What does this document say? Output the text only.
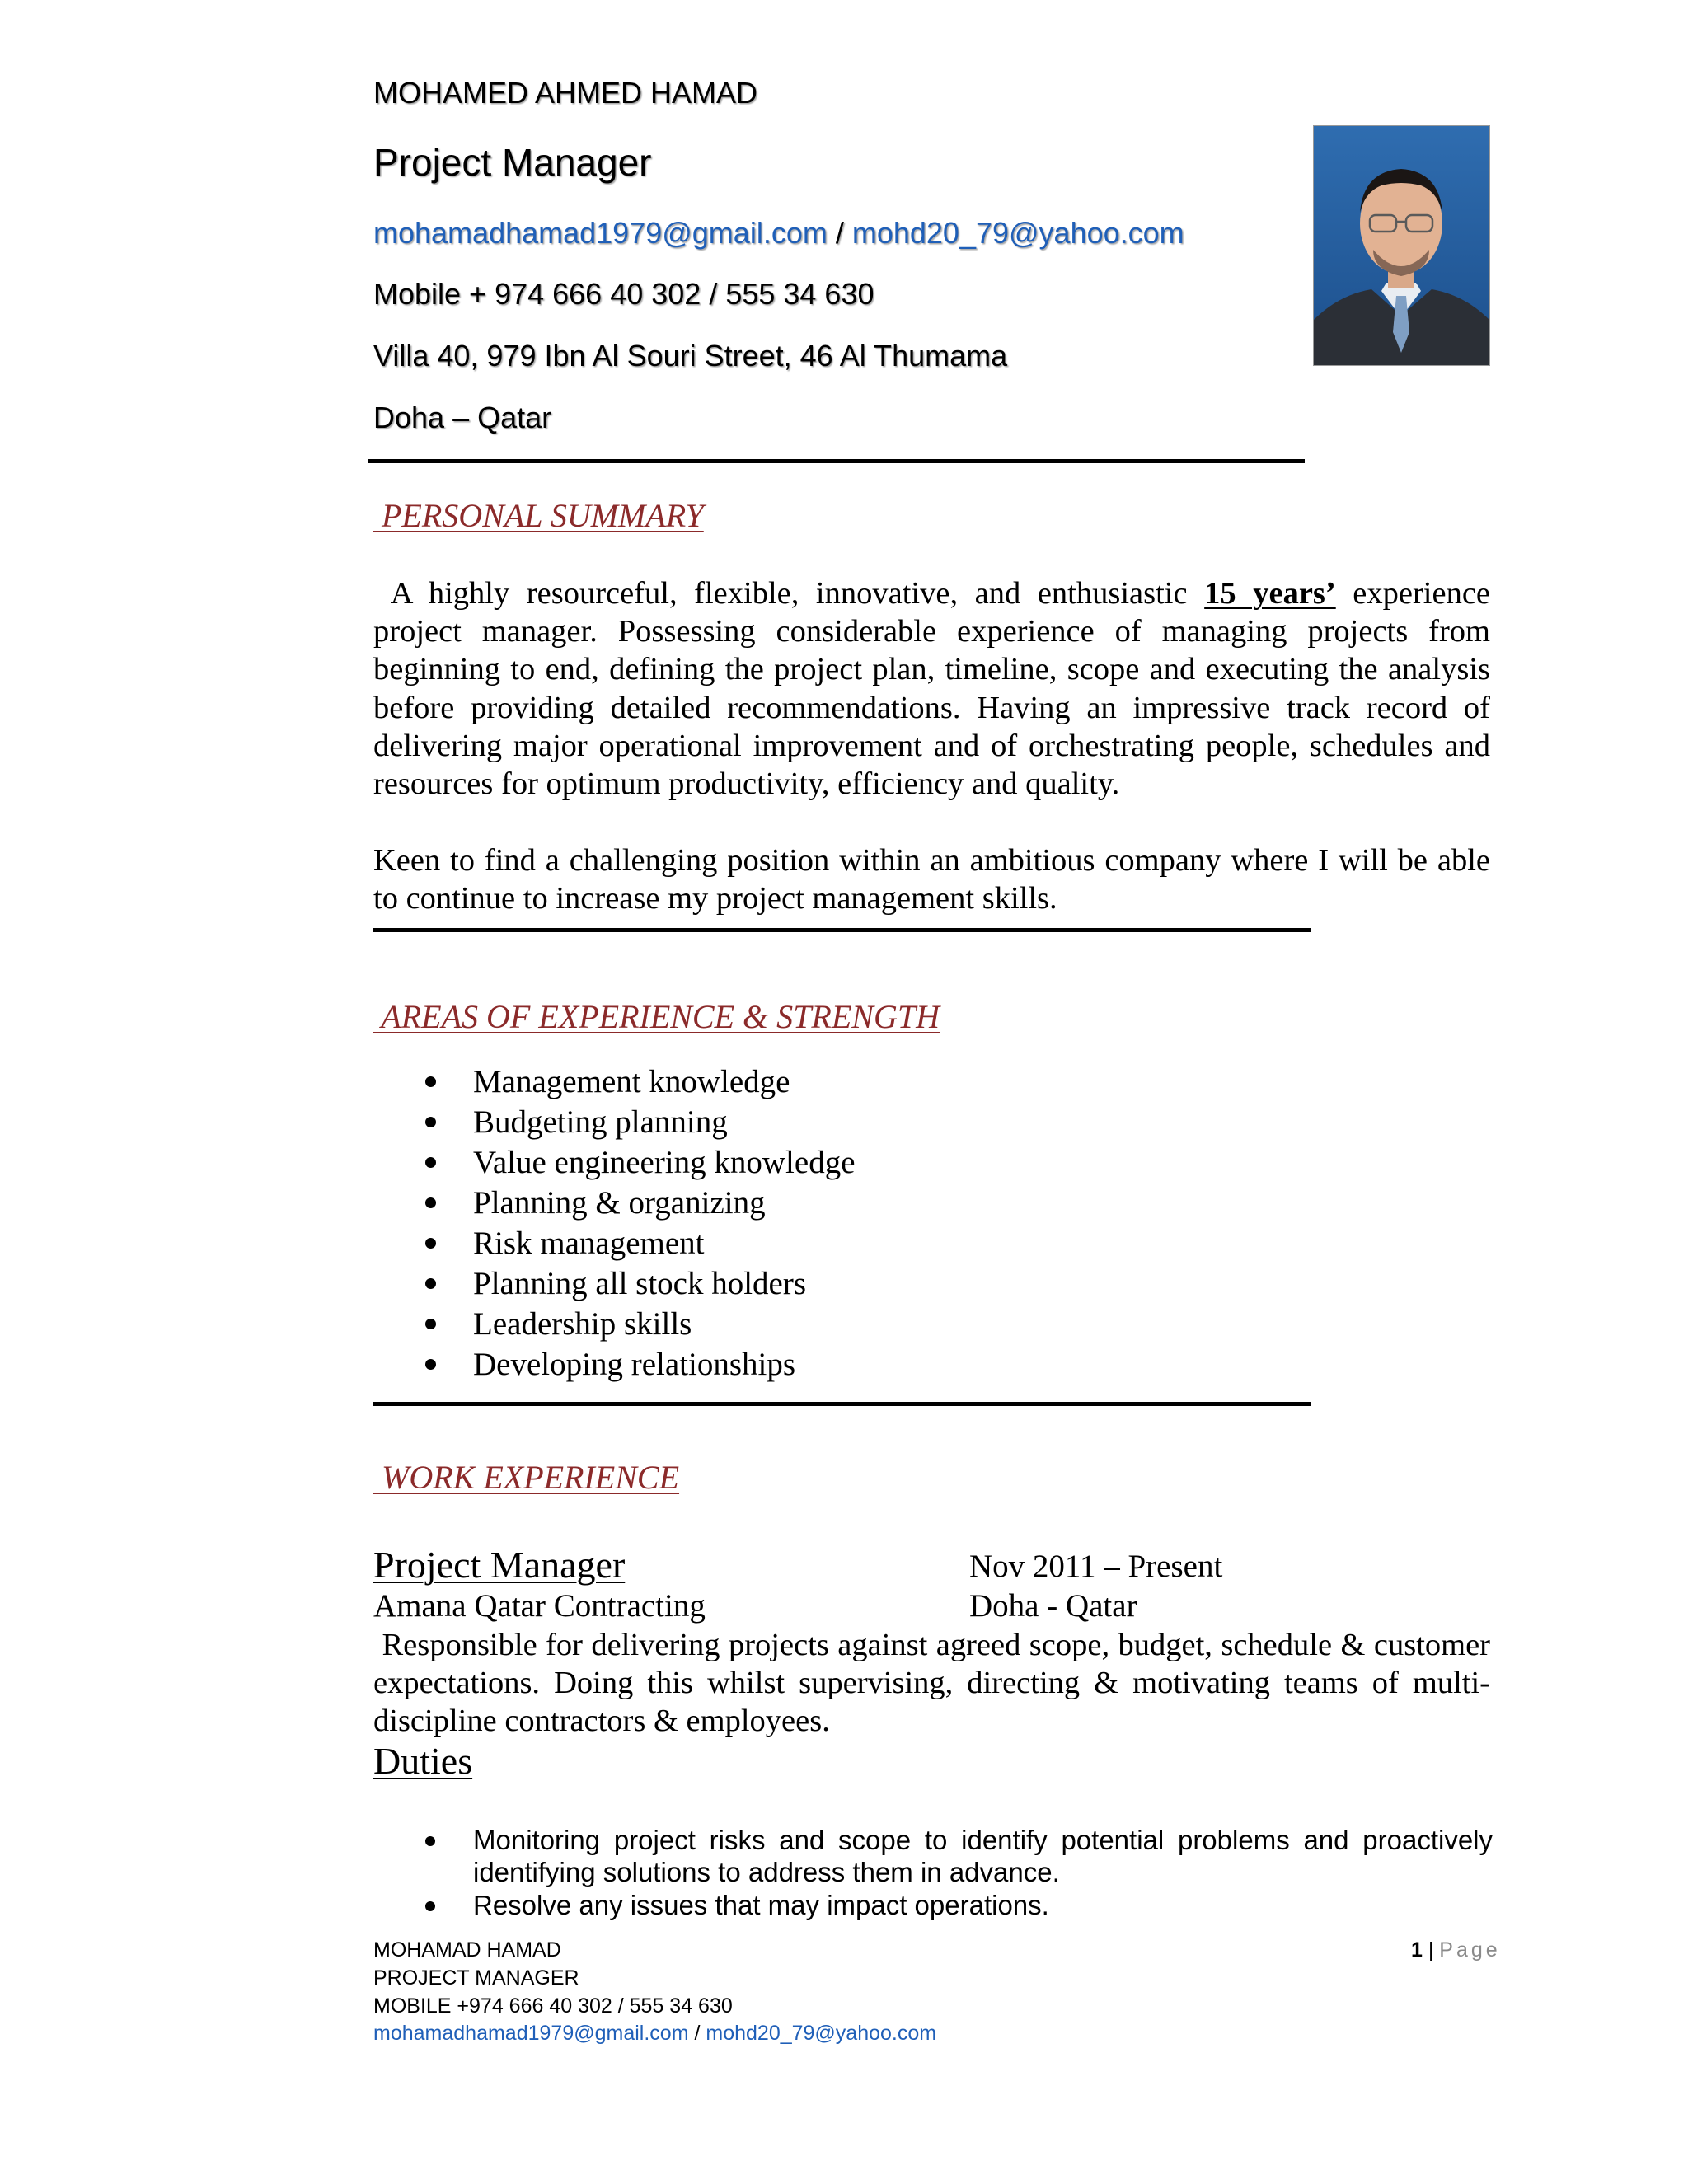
MOHAMED AHMED HAMAD
Project Manager
mohamadhamad1979@gmail.com / mohd20_79@yahoo.com
Mobile + 974 666 40 302 / 555 34 630
Villa 40, 979 Ibn Al Souri Street, 46 Al Thumama
Doha – Qatar
PERSONAL SUMMARY
A highly resourceful, flexible, innovative, and enthusiastic 15 years’ experience project manager. Possessing considerable experience of managing projects from beginning to end, defining the project plan, timeline, scope and executing the analysis before providing detailed recommendations. Having an impressive track record of delivering major operational improvement and of orchestrating people, schedules and resources for optimum productivity, efficiency and quality.
Keen to find a challenging position within an ambitious company where I will be able to continue to increase my project management skills.
AREAS OF EXPERIENCE & STRENGTH
Management knowledge
Budgeting planning
Value engineering knowledge
Planning & organizing
Risk management
Planning all stock holders
Leadership skills
Developing relationships
WORK EXPERIENCE
Project Manager	Nov 2011 – Present
Amana Qatar Contracting	Doha - Qatar
Responsible for delivering projects against agreed scope, budget, schedule & customer expectations. Doing this whilst supervising, directing & motivating teams of multi-discipline contractors & employees.
Duties
Monitoring project risks and scope to identify potential problems and proactively identifying solutions to address them in advance.
Resolve any issues that may impact operations.
MOHAMAD HAMAD
PROJECT MANAGER
MOBILE +974 666 40 302 / 555 34 630
mohamadhamad1979@gmail.com / mohd20_79@yahoo.com
1 | Page
